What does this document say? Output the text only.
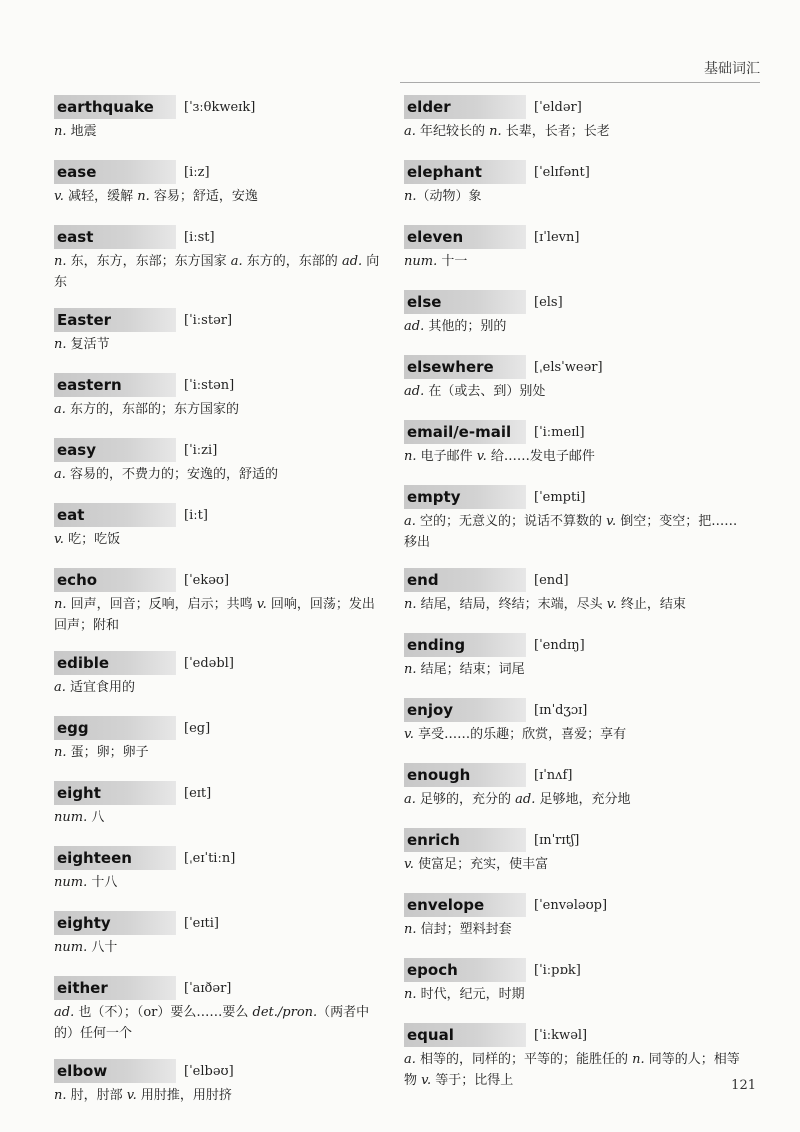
基础词汇
earthquake	[ˈɜːθkweɪk]
n. 地震
ease	[iːz]
v. 减轻，缓解 n. 容易；舒适，安逸
east	[iːst]
n. 东，东方，东部；东方国家 a. 东方的，东部的 ad. 向东
Easter	[ˈiːstər]
n. 复活节
eastern	[ˈiːstən]
a. 东方的，东部的；东方国家的
easy	[ˈiːzi]
a. 容易的，不费力的；安逸的，舒适的
eat	[iːt]
v. 吃；吃饭
echo	[ˈekəʊ]
n. 回声，回音；反响，启示；共鸣 v. 回响，回荡；发出回声；附和
edible	[ˈedəbl]
a. 适宜食用的
egg	[eg]
n. 蛋；卵；卵子
eight	[eɪt]
num. 八
eighteen	[ˌeɪˈtiːn]
num. 十八
eighty	[ˈeɪti]
num. 八十
either	[ˈaɪðər]
ad. 也（不）；（or）要么……要么 det./pron.（两者中的）任何一个
elbow	[ˈelbəʊ]
n. 肘，肘部 v. 用肘推，用肘挤
elder	[ˈeldər]
a. 年纪较长的 n. 长辈，长者；长老
elephant	[ˈelɪfənt]
n.（动物）象
eleven	[ɪˈlevn]
num. 十一
else	[els]
ad. 其他的；别的
elsewhere	[ˌelsˈweər]
ad. 在（或去、到）别处
email/e-mail	[ˈiːmeɪl]
n. 电子邮件 v. 给……发电子邮件
empty	[ˈempti]
a. 空的；无意义的；说话不算数的 v. 倒空；变空；把……移出
end	[end]
n. 结尾，结局，终结；末端，尽头 v. 终止，结束
ending	[ˈendɪŋ]
n. 结尾；结束；词尾
enjoy	[ɪnˈdʒɔɪ]
v. 享受……的乐趣；欣赏，喜爱；享有
enough	[ɪˈnʌf]
a. 足够的，充分的 ad. 足够地，充分地
enrich	[ɪnˈrɪtʃ]
v. 使富足；充实，使丰富
envelope	[ˈenvələʊp]
n. 信封；塑料封套
epoch	[ˈiːpɒk]
n. 时代，纪元，时期
equal	[ˈiːkwəl]
a. 相等的，同样的；平等的；能胜任的 n. 同等的人；相等物 v. 等于；比得上	121
